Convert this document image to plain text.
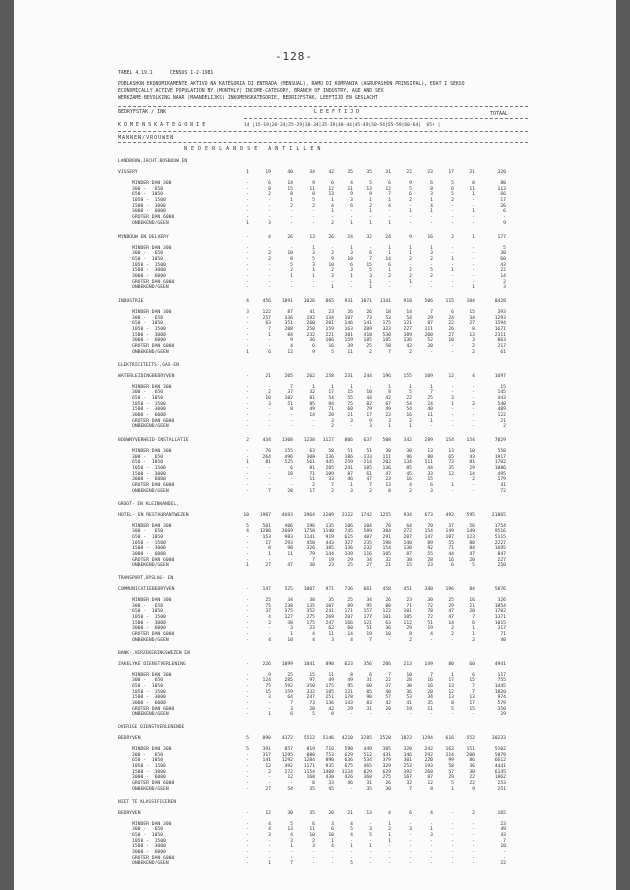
-128-
TABEL 4.19.1	CENSUS 1-2-1981
POBLASHON EKONOMIKAMENTE AKTIVO NA KATEGORIA DI ENTRADA (MENSUAL), RAMO DI KOMPANIA (AGRUPASHON PRINSIPAL), EDAT I SEKSO
ECONOMICALLY ACTIVE POPULATION BY (MONTHLY) INCOME-CATEGORY, BRANCH OF INDUSTRY, AGE AND SEX
WERKZAME BEVOLKING NAAR (MAANDELIJKS) INKOMENSKATEGORIE, BEDRIJFSTAK, LEEFTIJD EN GESLACHT
BEDRYFSTAK / INK	L E E F T I J D	TOTAAL
K O M E N S K A T E G O R I E	14 |15-19|20-24|25-29|30-34|35-39|40-44|45-49|50-54|55-59|60-64|  65+ |
MANNEN/VROUWEN
N E D E R L A N D S E   A N T I L L E N
LANDBOUW,JACHT,BOSBOUW EN
VISSERY	1	19	40	34	42	35	35	31	22	23	17	21	320
MINDER DAN 300	-	6	14	9	6	4	5	6	9	6	5	8	80
300 -   650	-	8	15	11	12	11	13	12	5	8	6	11	113
650 -  1050	-	2	8	8	13	9	9	7	6	3	5	1	66
1050 -  1500	-	-	1	5	1	3	1	1	2	1	2	-	17
1500 -  3000	-	-	2	2	4	6	2	4	-	4	-	-	26
3000 -  6000	-	-	-	-	1	-	1	-	1	1	-	1	6
GROTER DAN 6000	-	-	-	-	-	-	-	-	-	-	-	-	-
ONBEKEND/GEEN	1	3	-	-	2	1	1	1	-	-	-	-	9
MYNBOUW EN DELVERY	-	4	26	13	26	24	32	24	9	16	2	1	177
MINDER DAN 300	-	-	-	1	-	1	-	1	1	1	-	-	5
300 -   650	-	2	10	3	2	3	6	1	1	3	-	-	30
650 -  1050	-	2	8	5	9	10	7	14	2	2	1	-	60
1050 -  1500	-	-	5	3	10	6	15	6	-	-	-	-	43
1500 -  3000	-	-	2	1	2	3	5	1	2	5	1	-	22
3000 -  6000	-	-	1	1	3	1	3	2	2	2	-	-	14
GROTER DAN 6000	-	-	-	-	-	-	1	-	1	-	-	-	2
ONBEKEND/GEEN	-	-	-	-	1	-	1	-	-	-	-	1	3
INDUSTRIE	4	456	1091	1026	865	931	1071	1341	918	506	115	104	8428
MINDER DAN 300	3	122	87	41	23	26	26	18	14	7	6	15	393
300 -   650	-	257	336	192	134	107	73	53	54	29	24	34	1293
650 -  1050	-	63	351	260	201	146	141	175	121	87	22	27	1594
1050 -  1500	-	7	208	250	159	163	209	323	227	111	26	8	1671
1500 -  3000	-	1	84	232	221	301	410	530	389	200	27	13	2311
3000 -  6000	-	-	9	36	106	159	185	185	136	52	10	3	863
GROTER DAN 6000	-	-	4	6	16	39	25	50	42	20	-	2	217
ONBEKEND/GEEN	1	6	12	9	5	11	2	7	2	-	-	2	61
ELEKTRICITEITS-,GAS-EN
WATERLEIDINGBEDRYVEN	-	21	205	262	258	231	244	196	155	109	12	4	1697
MINDER DAN 300	-	-	7	1	1	1	-	1	1	1	-	-	15
300 -   650	-	2	37	32	17	15	10	8	5	7	-	-	145
650 -  1050	-	10	102	81	54	55	44	42	22	25	3	-	443
1050 -  1500	-	3	51	85	94	75	82	67	54	24	1	2	540
1500 -  3000	-	-	8	49	71	60	79	49	54	40	-	-	409
3000 -  6000	-	-	-	14	20	21	17	23	16	11	-	-	122
GROTER DAN 6000	-	-	-	-	3	3	9	3	2	1	-	-	21
ONBEKEND/GEEN	-	-	-	-	2	-	3	1	1	-	-	-	2
BOUWNYVERHEID-INSTALLATIE	2	434	1308	1238	1127	806	637	508	342	289	154	154	7029
MINDER DAN 300	-	76	155	63	58	51	51	30	30	13	13	10	550
300 -   650	-	264	496	308	236	186	133	111	96	80	65	43	1917
650 -  1050	1	81	525	561	445	259	214	202	134	111	73	81	1702
1050 -  1500	-	-	6	81	205	241	185	136	85	44	35	29	1086
1500 -  3000	-	-	18	71	109	87	61	47	45	33	12	14	495
3000 -  6000	-	-	-	11	33	46	47	23	16	15	-	2	179
GROTER DAN 6000	-	-	-	2	7	1	7	13	4	6	1	-	41
ONBEKEND/GEEN	-	7	28	17	2	3	2	8	2	3	-	-	72
GROOT- EN KLEINHANDEL,
HOTEL- EN RESTAURANTWEZEN	10	1987	4693	3964	3209	2322	1742	1255	934	673	492	595	21865
MINDER DAN 300	5	501	406	196	135	106	104	70	64	70	37	56	1754
300 -   650	4	1280	2669	1758	1140	745	589	384	272	154	149	149	9516
650 -  1050	-	153	983	1141	919	615	407	291	207	147	107	123	5115
1050 -  1500	-	17	293	450	443	327	235	198	140	89	55	80	2227
1500 -  3000	-	8	98	326	385	336	232	154	130	92	71	84	1695
3000 -  6000	-	1	11	79	144	139	116	105	87	55	44	47	847
GROTER DAN 6000	-	-	-	7	19	29	34	32	38	28	16	20	227
ONBEKEND/GEEN	1	27	47	30	23	25	27	21	15	23	6	5	250
TRANSPORT,OPSLAG- EN
COMMUNICATIEBEDRYVEN	-	147	525	1007	971	736	661	458	451	340	196	84	5876
MINDER DAN 300	-	25	34	38	35	25	34	26	23	30	25	16	326
300 -   650	-	75	238	135	107	89	95	80	71	72	29	21	1054
650 -  1050	-	37	375	352	241	171	157	122	101	78	47	20	1702
1050 -  1500	-	4	127	275	269	207	177	101	105	72	47	7	1371
1500 -  3000	-	2	38	175	247	166	121	63	112	51	14	6	1015
3000 -  6000	-	-	3	23	62	60	51	36	29	19	2	1	317
GROTER DAN 6000	-	-	1	4	11	14	19	10	8	4	2	1	71
ONBEKEND/GEEN	-	4	10	4	3	4	7	-	2	-	-	2	40
BANK-,VERZEKERINGSWEZEN EN
ZAKELYKE DIENSTVERLENING	-	226	1099	1841	890	623	356	206	213	149	80	60	4941
MINDER DAN 300	-	9	25	15	11	8	6	7	10	7	1	6	117
300 -   650	-	124	285	97	49	49	31	22	28	16	17	15	755
650 -  1050	-	75	592	350	175	95	60	37	30	16	13	7	1445
1050 -  1500	-	15	159	332	185	121	85	40	36	28	12	7	1020
1500 -  3000	-	3	64	247	251	178	90	57	53	34	13	13	974
3000 -  6000	-	-	7	73	136	143	83	42	41	35	8	17	579
GROTER DAN 6000	-	-	3	20	42	29	31	20	19	11	5	15	350
ONBEKEND/GEEN	-	1	6	5	8	-	-	-	-	-	-	-	29
OVERIGE DIENSTVERLENENDE
BEDRYVEN	5	890	4372	5512	5146	4210	3285	2528	1823	1294	616	552	30233
MINDER DAN 300	5	391	857	819	716	590	449	385	320	242	163	151	5102
300 -   650	-	317	1295	880	753	629	512	431	346	292	214	200	5879
650 -  1050	-	141	1292	1284	890	636	534	379	301	220	99	86	6612
1050 -  1500	-	12	492	1171	935	675	465	329	252	193	58	36	4441
1500 -  3000	-	2	272	1154	1408	1134	829	629	392	260	57	30	6145
3000 -  6000	-	-	12	168	430	426	368	275	167	87	29	22	1862
GROTER DAN 6000	-	-	-	8	33	46	31	26	32	12	5	22	253
ONBEKEND/GEEN	-	27	54	35	45	-	35	30	7	8	1	9	251
NIET TE KLASSIFICEREN
BEDRYVEN	-	12	30	35	20	21	13	4	6	4	-	2	165
MINDER DAN 300	-	4	5	6	3	4	-	1	-	-	-	-	23
300 -   650	-	4	13	11	6	5	3	2	3	1	-	-	49
650 -  1050	-	3	4	10	10	4	5	1	-	3	-	-	43
1050 -  1500	-	-	3	2	1	-	-	1	-	-	-	-	7
1500 -  3000	-	-	1	3	4	1	1	-	-	-	-	-	10
3000 -  6000	-	-	-	-	-	-	-	-	-	-	-	-	-
GROTER DAN 6000	-	-	-	-	-	-	-	-	-	-	-	-	-
ONBEKEND/GEEN	-	1	7	-	-	5	-	-	-	-	-	-	22
